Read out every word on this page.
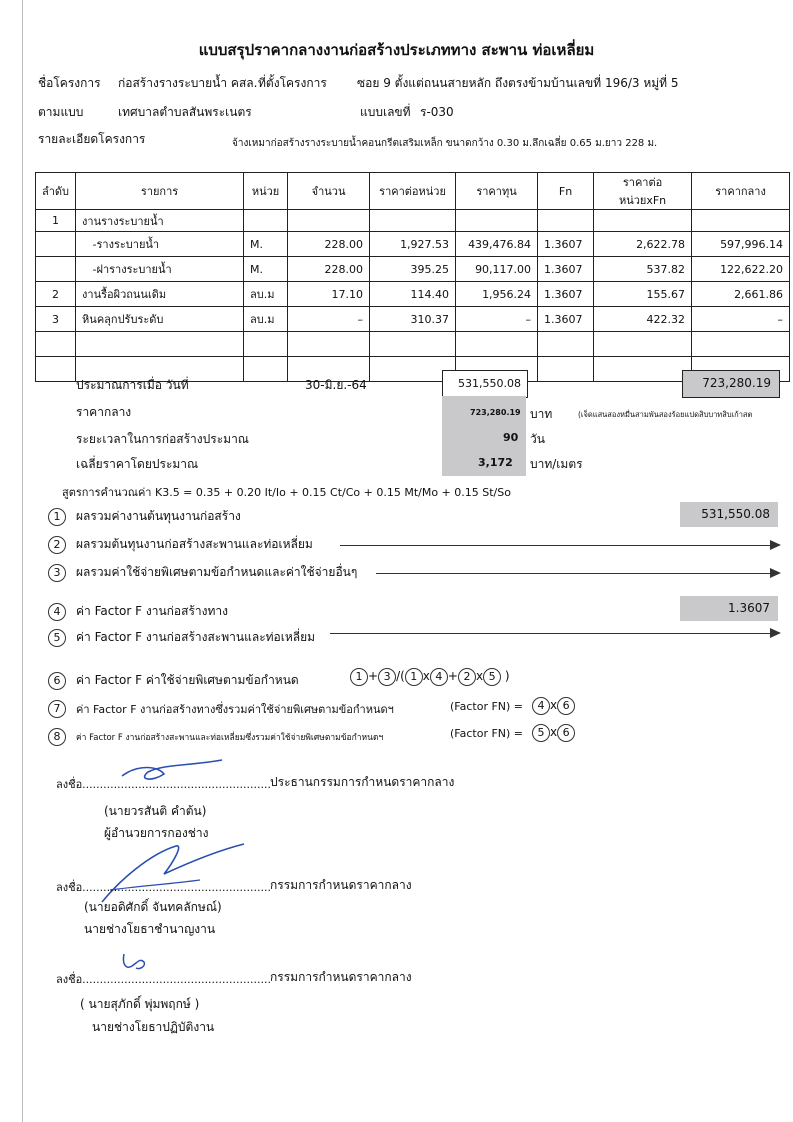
แบบสรุปราคากลางงานก่อสร้างประเภททาง สะพาน ท่อเหลี่ยม
ชื่อโครงการ ก่อสร้างรางระบายน้ำ คสล. ที่ตั้งโครงการ	ซอย 9 ตั้งแต่ถนนสายหลัก ถึงตรงข้ามบ้านเลขที่ 196/3 หมู่ที่ 5
ตามแบบ	เทศบาลตำบลสันพระเนตร	แบบเลขที่ ร-030
รายละเอียดโครงการ	จ้างเหมาก่อสร้างรางระบายน้ำคอนกรีตเสริมเหล็ก ขนาดกว้าง 0.30 ม.ลึกเฉลี่ย 0.65 ม.ยาว 228 ม.
ลำดับ	รายการ	หน่วย	จำนวน	ราคาต่อหน่วย	ราคาทุน	Fn	ราคาต่อหน่วยxFn	ราคากลาง
1	งานรางระบายน้ำ							
	-รางระบายน้ำ	M.	228.00	1,927.53	439,476.84	1.3607	2,622.78	597,996.14
	-ฝารางระบายน้ำ	M.	228.00	395.25	90,117.00	1.3607	537.82	122,622.20
2	งานรื้อผิวถนนเดิม	ลบ.ม	17.10	114.40	1,956.24	1.3607	155.67	2,661.86
3	หินคลุกปรับระดับ	ลบ.ม	–	310.37	–	1.3607	422.32	–

ประมาณการเมื่อ วันที่	30-มิ.ย.-64	531,550.08	723,280.19
ราคากลาง	723,280.19 บาท	(เจ็ดแสนสองหมื่นสามพันสองร้อยแปดสิบบาทสิบเก้าสต
ระยะเวลาในการก่อสร้างประมาณ	90 วัน
เฉลี่ยราคาโดยประมาณ	3,172 บาท/เมตร
สูตรการคำนวณค่า K3.5 = 0.35 + 0.20 It/Io + 0.15 Ct/Co + 0.15 Mt/Mo + 0.15 St/So
1	ผลรวมค่างานต้นทุนงานก่อสร้าง	531,550.08
2	ผลรวมต้นทุนงานก่อสร้างสะพานและท่อเหลี่ยม
3	ผลรวมค่าใช้จ่ายพิเศษตามข้อกำหนดและค่าใช้จ่ายอื่นๆ
4	ค่า Factor F งานก่อสร้างทาง	1.3607
5	ค่า Factor F งานก่อสร้างสะพานและท่อเหลี่ยม
6	ค่า Factor F ค่าใช้จ่ายพิเศษตามข้อกำหนด	1 + 3 /( 1 x 4 + 2 x 5 )
7	ค่า Factor F งานก่อสร้างทางซึ่งรวมค่าใช้จ่ายพิเศษตามข้อกำหนดฯ	(Factor FN) =	4 x 6
8	ค่า Factor F งานก่อสร้างสะพานและท่อเหลี่ยมซึ่งรวมค่าใช้จ่ายพิเศษตามข้อกำหนดฯ	(Factor FN) =	5 x 6
ลงชื่อ...................................................... ประธานกรรมการกำหนดราคากลาง
(นายวรสันติ คำต้น)
ผู้อำนวยการกองช่าง
ลงชื่อ...................................................... กรรมการกำหนดราคากลาง
(นายอดิศักดิ์ จันทคลักษณ์)
นายช่างโยธาชำนาญงาน
ลงชื่อ...................................................... กรรมการกำหนดราคากลาง
( นายสุภักดิ์ พุ่มพฤกษ์ )
นายช่างโยธาปฏิบัติงาน
